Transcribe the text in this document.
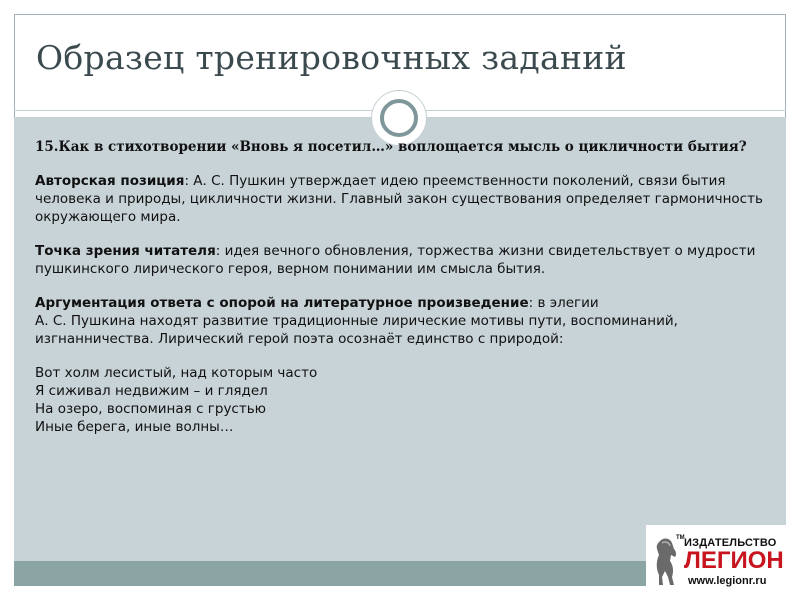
Образец тренировочных заданий

15.Как в стихотворении «Вновь я посетил…» воплощается мысль о цикличности бытия?

Авторская позиция: А. С. Пушкин утверждает идею преемственности поколений, связи бытия человека и природы, цикличности жизни. Главный закон существования определяет гармоничность окружающего мира.

Точка зрения читателя: идея вечного обновления, торжества жизни свидетельствует о мудрости пушкинского лирического героя, верном понимании им смысла бытия.

Аргументация ответа с опорой на литературное произведение: в элегии
А. С. Пушкина находят развитие традиционные лирические мотивы пути, воспоминаний, изгнанничества. Лирический герой поэта осознаёт единство с природой:

Вот холм лесистый, над которым часто
Я сиживал недвижим – и глядел
На озеро, воспоминая с грустью
Иные берега, иные волны…

TM ИЗДАТЕЛЬСТВО
ЛЕГИОН
www.legionr.ru
